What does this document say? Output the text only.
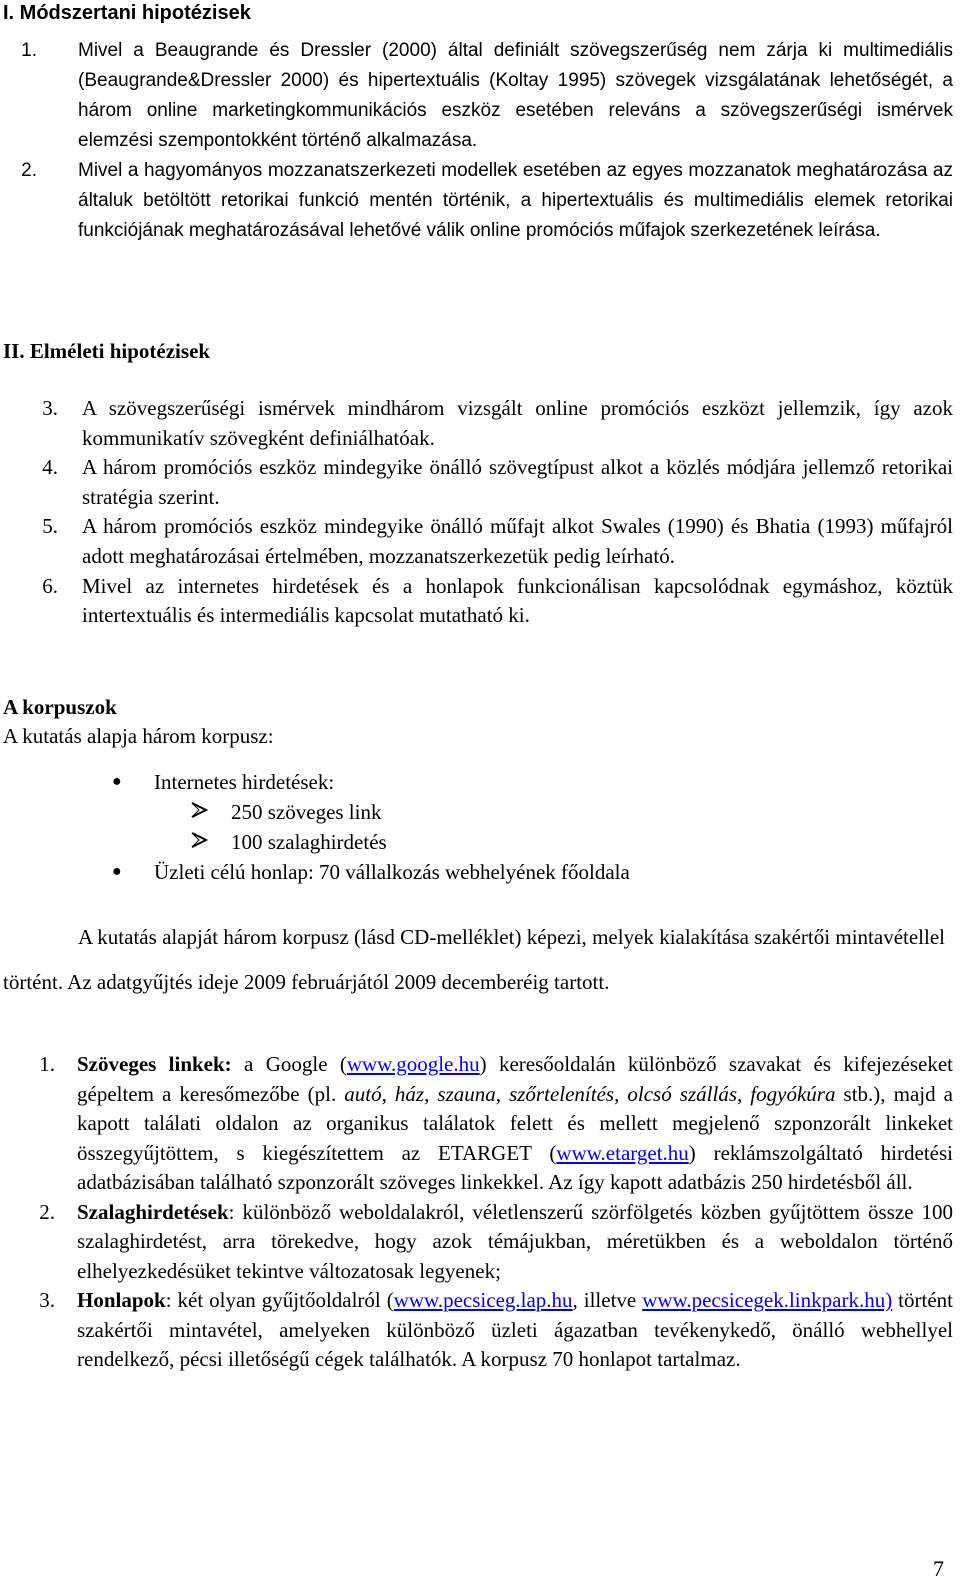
I. Módszertani hipotézisek
1. Mivel a Beaugrande és Dressler (2000) által definiált szövegszerűség nem zárja ki multimediális (Beaugrande&Dressler 2000) és hipertextuális (Koltay 1995) szövegek vizsgálatának lehetőségét, a három online marketingkommunikációs eszköz esetében releváns a szövegszerűségi ismérvek elemzési szempontokként történő alkalmazása.
2. Mivel a hagyományos mozzanatszerkezeti modellek esetében az egyes mozzanatok meghatározása az általuk betöltött retorikai funkció mentén történik, a hipertextuális és multimediális elemek retorikai funkciójának meghatározásával lehetővé válik online promóciós műfajok szerkezetének leírása.
II. Elméleti hipotézisek
3. A szövegszerűségi ismérvek mindhárom vizsgált online promóciós eszközt jellemzik, így azok kommunikatív szövegként definiálhatóak.
4. A három promóciós eszköz mindegyike önálló szövegtípust alkot a közlés módjára jellemző retorikai stratégia szerint.
5. A három promóciós eszköz mindegyike önálló műfajt alkot Swales (1990) és Bhatia (1993) műfajról adott meghatározásai értelmében, mozzanatszerkezetük pedig leírható.
6. Mivel az internetes hirdetések és a honlapok funkcionálisan kapcsolódnak egymáshoz, köztük intertextuális és intermediális kapcsolat mutatható ki.
A korpuszok
A kutatás alapja három korpusz:
●	Internetes hirdetések:
250 szöveges link
100 szalaghirdetés
●	Üzleti célú honlap: 70 vállalkozás webhelyének főoldala
A kutatás alapját három korpusz (lásd CD-melléklet) képezi, melyek kialakítása szakértői mintavétellel történt. Az adatgyűjtés ideje 2009 februárjától 2009 decemberéig tartott.
1. Szöveges linkek: a Google (www.google.hu) keresőoldalán különböző szavakat és kifejezéseket gépeltem a keresőmezőbe (pl. autó, ház, szauna, szőrtelenítés, olcsó szállás, fogyókúra stb.), majd a kapott találati oldalon az organikus találatok felett és mellett megjelenő szponzorált linkeket összegyűjtöttem, s kiegészítettem az ETARGET (www.etarget.hu) reklámszolgáltató hirdetési adatbázisában található szponzorált szöveges linkekkel. Az így kapott adatbázis 250 hirdetésből áll.
2. Szalaghirdetések: különböző weboldalakról, véletlenszerű szörfölgetés közben gyűjtöttem össze 100 szalaghirdetést, arra törekedve, hogy azok témájukban, méretükben és a weboldalon történő elhelyezkedésüket tekintve változatosak legyenek;
3. Honlapok: két olyan gyűjtőoldalról (www.pecsiceg.lap.hu, illetve www.pecsicegek.linkpark.hu) történt szakértői mintavétel, amelyeken különböző üzleti ágazatban tevékenykedő, önálló webhellyel rendelkező, pécsi illetőségű cégek találhatók. A korpusz 70 honlapot tartalmaz.
7
